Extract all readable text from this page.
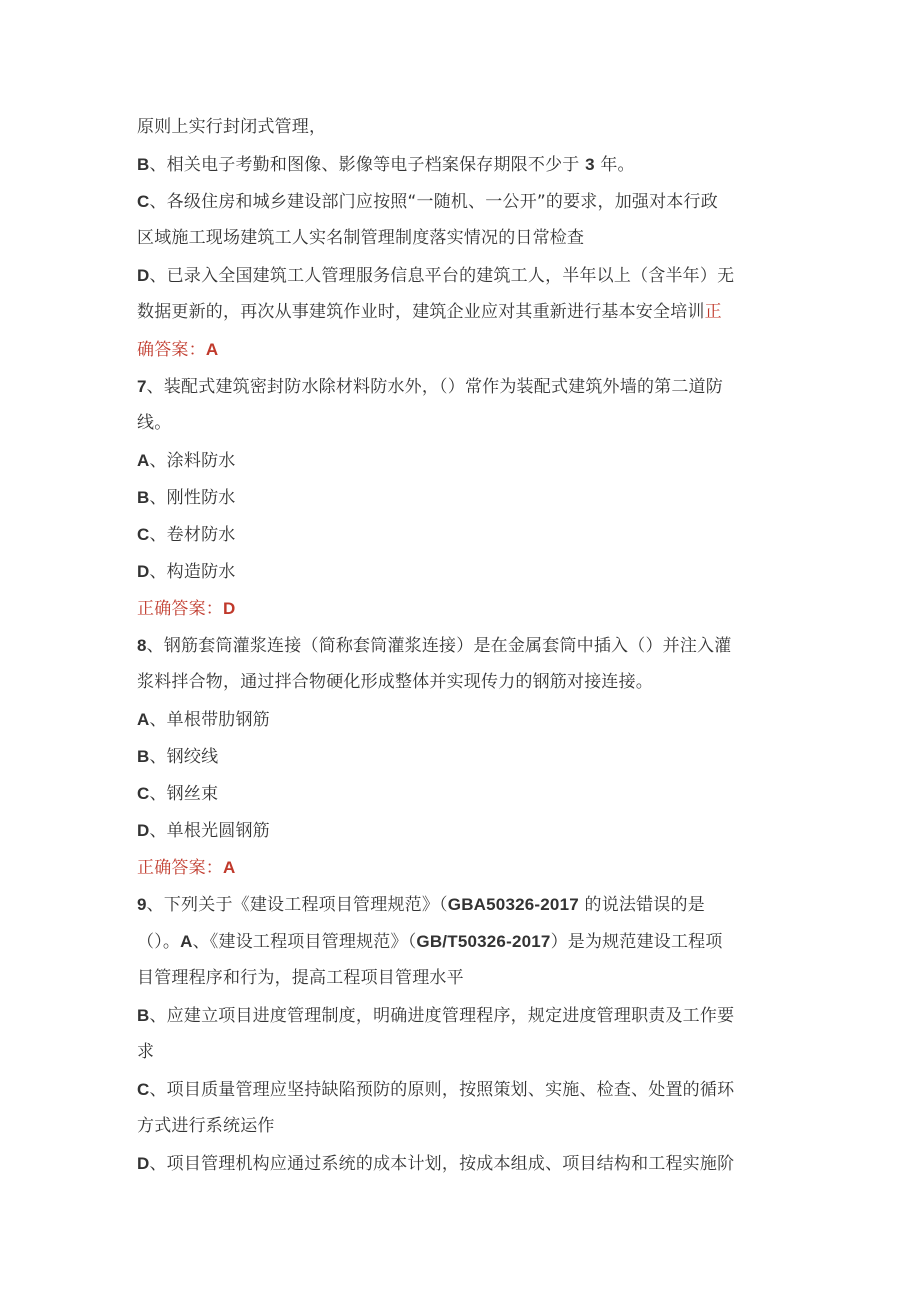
原则上实行封闭式管理，
B、相关电子考勤和图像、影像等电子档案保存期限不少于 3 年。
C、各级住房和城乡建设部门应按照“一随机、一公开”的要求，加强对本行政
区域施工现场建筑工人实名制管理制度落实情况的日常检查
D、已录入全国建筑工人管理服务信息平台的建筑工人，半年以上（含半年）无
数据更新的，再次从事建筑作业时，建筑企业应对其重新进行基本安全培训正
确答案：A
7、装配式建筑密封防水除材料防水外，（）常作为装配式建筑外墙的第二道防
线。
A、涂料防水
B、刚性防水
C、卷材防水
D、构造防水
正确答案：D
8、钢筋套筒灌浆连接（简称套筒灌浆连接）是在金属套筒中插入（）并注入灌
浆料拌合物，通过拌合物硬化形成整体并实现传力的钢筋对接连接。
A、单根带肋钢筋
B、钢绞线
C、钢丝束
D、单根光圆钢筋
正确答案：A
9、下列关于《建设工程项目管理规范》（GBA50326-2017 的说法错误的是
（）。A、《建设工程项目管理规范》（GB/T50326-2017）是为规范建设工程项
目管理程序和行为，提高工程项目管理水平
B、应建立项目进度管理制度，明确进度管理程序，规定进度管理职责及工作要
求
C、项目质量管理应坚持缺陷预防的原则，按照策划、实施、检查、处置的循环
方式进行系统运作
D、项目管理机构应通过系统的成本计划，按成本组成、项目结构和工程实施阶
